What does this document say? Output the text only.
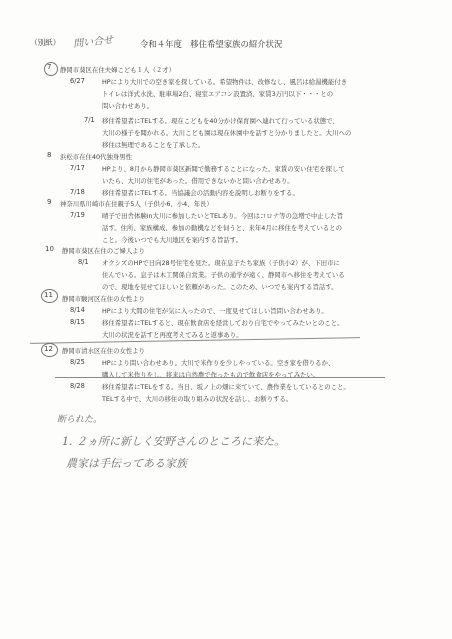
（別紙） 問い合せ	令和４年度　移住希望家族の紹介状況
7 静岡市葵区在住夫婦こども１人（２才）
6/27	HPにより大川での空き家を探している。希望物件は、改修なし、風呂は給湯機能付き
トイレは洋式水洗、駐車場2台、寝室エアコン設置済、家賃3万円以下・・・との
問い合わせあり。
7/1 移住希望者にTELする。現在こどもを40分かけ保育園へ連れて行っている状態で、
大川の様子を聞かれる。大川こども園は現在休園中を話すと分かりましたと。大川への
移住は無理であることを了承した。
8 浜松市在住40代独身男性
7/17	HPより、8月から静岡市葵区新聞で勤務することになった。家賃の安い住宅を探して
いたら、大川の住宅があった。借用できないかと問い合わせあり。
7/18	移住希望者にTELする。当協議会の活動内容を説明しお断りをする。
9 神奈川県川崎市在住親子5人（子供小6、小4、年長）
7/19	晴子で田舎体験in大川に参加したいとTELあり。今回はコロナ等の急増で中止した旨
話す。住所、家族構成、参加の動機などを伺うと、来年4月に移住を考えているとの
こと。今後いつでも大川地区を案内する旨話す。
10 静岡市葵区在住のご婦人より
8/1 オクシズのHPで日向28号住宅を見た。現在息子たち家族（子供小2）が、下田市に
住んでいる。息子は木工関係自営業。子供の通学が遠く、静岡市へ移住を考えている
ので、現地を見せてほしいと依頼があった。このため、いつでも案内する旨話す。
11 静岡市駿河区在住の女性より
8/14	HPにより大間の住宅が気に入ったので、一度見せてほしい旨問い合わせあり。
8/15	移住希望者にTELすると、現在飲食店を経営しており自宅でやってみたいとのこと。
大川の状況を話すと再度考えてみると返事あり。
12 静岡市清水区在住の女性より
8/25	HPにより問い合わせあり。大川で米作りを少しやっている。空き家を借りるか、
購入して米作りをし、将来は自然農で作ったもので飲食店をやってみたい。
8/28	移住希望者にTELをする。当日、坂ノ上の畑に来ていて、農作業をしているとのこと。
TELする中で、大川の移住の取り組みの状況を話し、お断りする。
断られた。
1. ２ヵ所に新しく安野さんのところに来た。
農家は手伝ってある家族
